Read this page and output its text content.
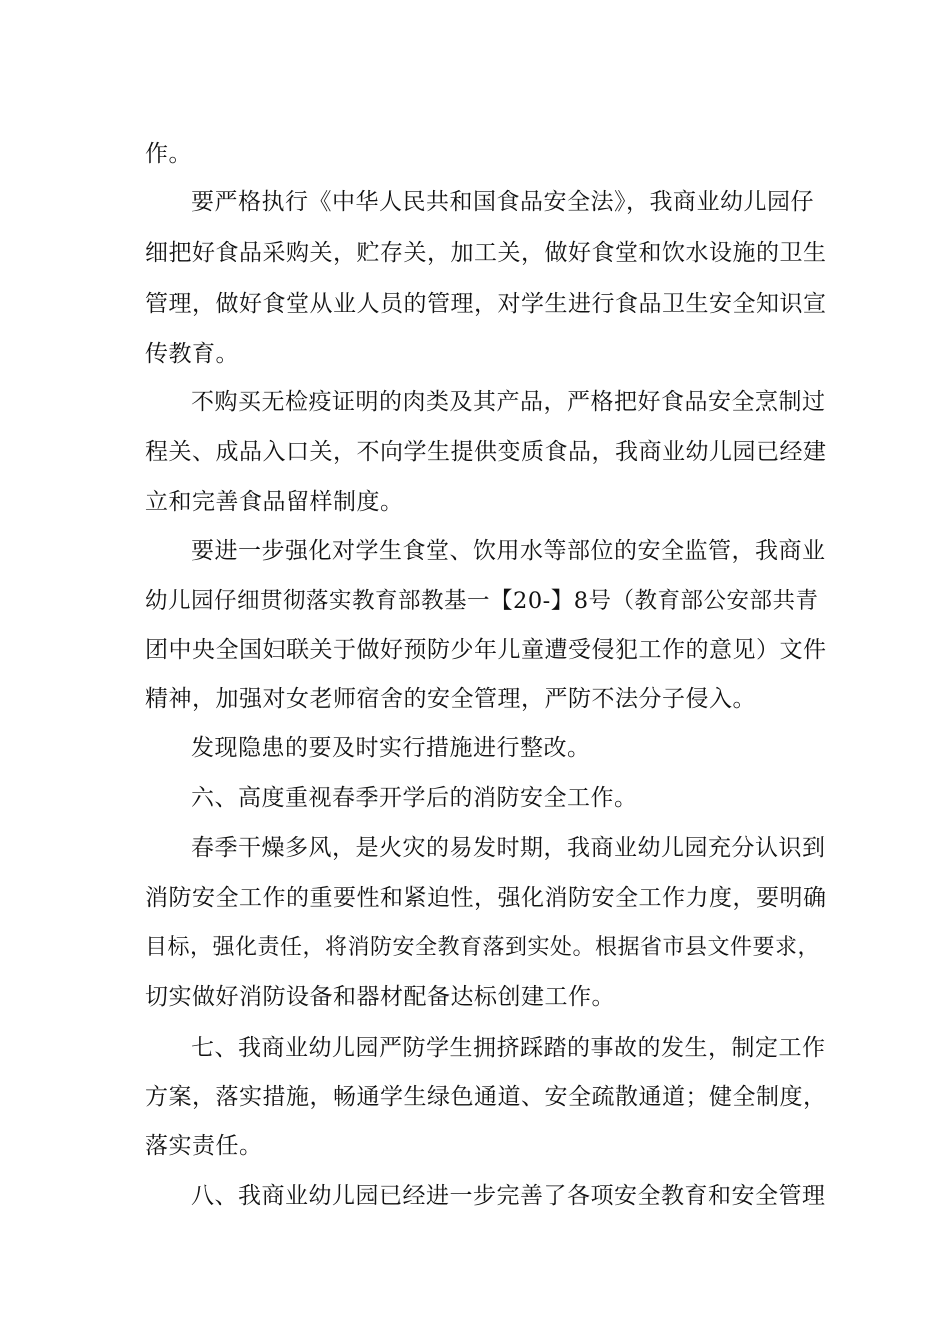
作。
要严格执行《中华人民共和国食品安全法》，我商业幼儿园仔
细把好食品采购关，贮存关，加工关，做好食堂和饮水设施的卫生
管理，做好食堂从业人员的管理，对学生进行食品卫生安全知识宣
传教育。
不购买无检疫证明的肉类及其产品，严格把好食品安全烹制过
程关、成品入口关，不向学生提供变质食品，我商业幼儿园已经建
立和完善食品留样制度。
要进一步强化对学生食堂、饮用水等部位的安全监管，我商业
幼儿园仔细贯彻落实教育部教基一【20-】8号（教育部公安部共青
团中央全国妇联关于做好预防少年儿童遭受侵犯工作的意见）文件
精神，加强对女老师宿舍的安全管理，严防不法分子侵入。
发现隐患的要及时实行措施进行整改。
六、高度重视春季开学后的消防安全工作。
春季干燥多风，是火灾的易发时期，我商业幼儿园充分认识到
消防安全工作的重要性和紧迫性，强化消防安全工作力度，要明确
目标，强化责任，将消防安全教育落到实处。根据省市县文件要求，
切实做好消防设备和器材配备达标创建工作。
七、我商业幼儿园严防学生拥挤踩踏的事故的发生，制定工作
方案，落实措施，畅通学生绿色通道、安全疏散通道；健全制度，
落实责任。
八、我商业幼儿园已经进一步完善了各项安全教育和安全管理
